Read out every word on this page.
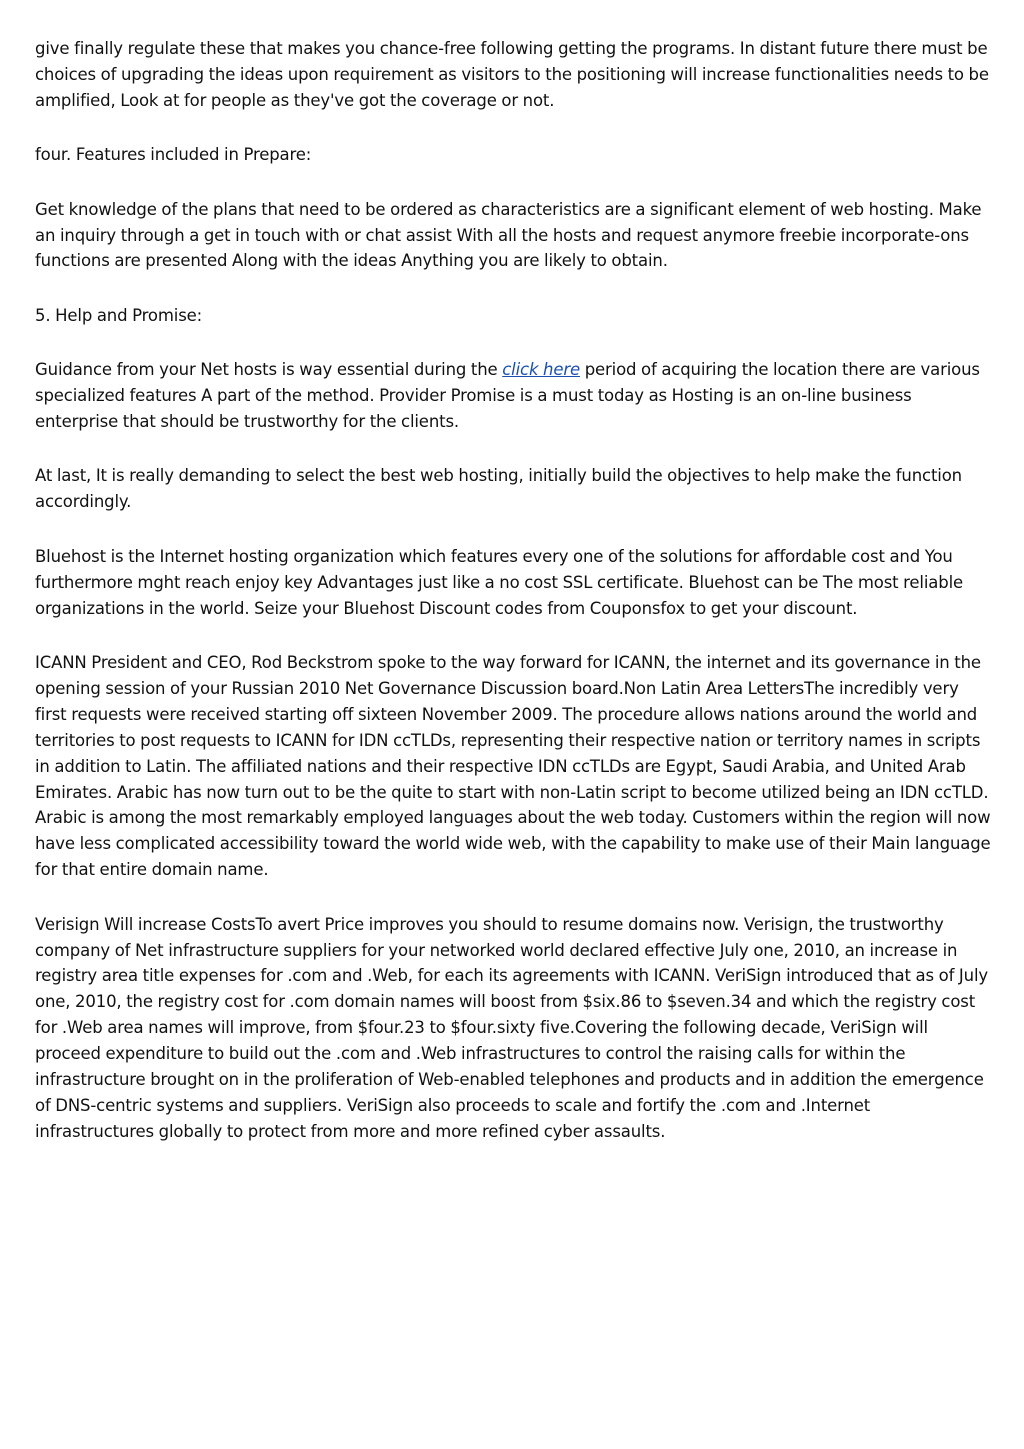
give finally regulate these that makes you chance-free following getting the programs. In distant future there must be choices of upgrading the ideas upon requirement as visitors to the positioning will increase functionalities needs to be amplified, Look at for people as they've got the coverage or not.

four. Features included in Prepare:

Get knowledge of the plans that need to be ordered as characteristics are a significant element of web hosting. Make an inquiry through a get in touch with or chat assist With all the hosts and request anymore freebie incorporate-ons functions are presented Along with the ideas Anything you are likely to obtain.

5. Help and Promise:

Guidance from your Net hosts is way essential during the click here period of acquiring the location there are various specialized features A part of the method. Provider Promise is a must today as Hosting is an on-line business enterprise that should be trustworthy for the clients.

At last, It is really demanding to select the best web hosting, initially build the objectives to help make the function accordingly.

Bluehost is the Internet hosting organization which features every one of the solutions for affordable cost and You furthermore mght reach enjoy key Advantages just like a no cost SSL certificate. Bluehost can be The most reliable organizations in the world. Seize your Bluehost Discount codes from Couponsfox to get your discount.

ICANN President and CEO, Rod Beckstrom spoke to the way forward for ICANN, the internet and its governance in the opening session of your Russian 2010 Net Governance Discussion board.Non Latin Area LettersThe incredibly very first requests were received starting off sixteen November 2009. The procedure allows nations around the world and territories to post requests to ICANN for IDN ccTLDs, representing their respective nation or territory names in scripts in addition to Latin. The affiliated nations and their respective IDN ccTLDs are Egypt, Saudi Arabia, and United Arab Emirates. Arabic has now turn out to be the quite to start with non-Latin script to become utilized being an IDN ccTLD. Arabic is among the most remarkably employed languages about the web today. Customers within the region will now have less complicated accessibility toward the world wide web, with the capability to make use of their Main language for that entire domain name.

Verisign Will increase CostsTo avert Price improves you should to resume domains now. Verisign, the trustworthy company of Net infrastructure suppliers for your networked world declared effective July one, 2010, an increase in registry area title expenses for .com and .Web, for each its agreements with ICANN. VeriSign introduced that as of July one, 2010, the registry cost for .com domain names will boost from $six.86 to $seven.34 and which the registry cost for .Web area names will improve, from $four.23 to $four.sixty five.Covering the following decade, VeriSign will proceed expenditure to build out the .com and .Web infrastructures to control the raising calls for within the infrastructure brought on in the proliferation of Web-enabled telephones and products and in addition the emergence of DNS-centric systems and suppliers. VeriSign also proceeds to scale and fortify the .com and .Internet infrastructures globally to protect from more and more refined cyber assaults.
